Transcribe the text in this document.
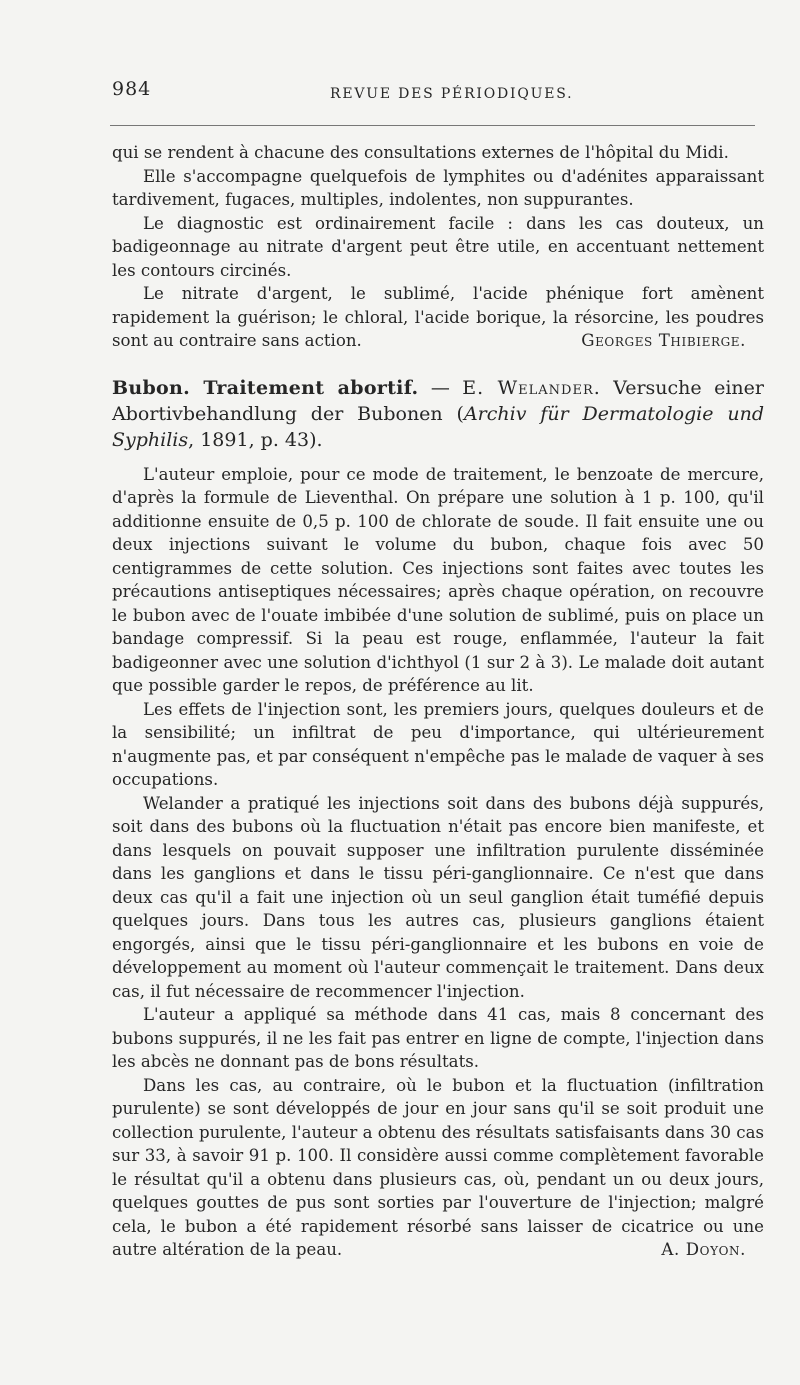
984	REVUE DES PÉRIODIQUES.

qui se rendent à chacune des consultations externes de l'hôpital du Midi.

Elle s'accompagne quelquefois de lymphites ou d'adénites apparaissant tardivement, fugaces, multiples, indolentes, non suppurantes.

Le diagnostic est ordinairement facile : dans les cas douteux, un badigeonnage au nitrate d'argent peut être utile, en accentuant nettement les contours circinés.

Le nitrate d'argent, le sublimé, l'acide phénique fort amènent rapidement la guérison; le chloral, l'acide borique, la résorcine, les poudres sont au contraire sans action.	Georges Thibierge.

Bubon. Traitement abortif. — E. Welander. Versuche einer Abortivbehandlung der Bubonen (Archiv für Dermatologie und Syphilis, 1891, p. 43).

L'auteur emploie, pour ce mode de traitement, le benzoate de mercure, d'après la formule de Lieventhal. On prépare une solution à 1 p. 100, qu'il additionne ensuite de 0,5 p. 100 de chlorate de soude. Il fait ensuite une ou deux injections suivant le volume du bubon, chaque fois avec 50 centigrammes de cette solution. Ces injections sont faites avec toutes les précautions antiseptiques nécessaires; après chaque opération, on recouvre le bubon avec de l'ouate imbibée d'une solution de sublimé, puis on place un bandage compressif. Si la peau est rouge, enflammée, l'auteur la fait badigeonner avec une solution d'ichthyol (1 sur 2 à 3). Le malade doit autant que possible garder le repos, de préférence au lit.

Les effets de l'injection sont, les premiers jours, quelques douleurs et de la sensibilité; un infiltrat de peu d'importance, qui ultérieurement n'augmente pas, et par conséquent n'empêche pas le malade de vaquer à ses occupations.

Welander a pratiqué les injections soit dans des bubons déjà suppurés, soit dans des bubons où la fluctuation n'était pas encore bien manifeste, et dans lesquels on pouvait supposer une infiltration purulente disséminée dans les ganglions et dans le tissu péri-ganglionnaire. Ce n'est que dans deux cas qu'il a fait une injection où un seul ganglion était tuméfié depuis quelques jours. Dans tous les autres cas, plusieurs ganglions étaient engorgés, ainsi que le tissu péri-ganglionnaire et les bubons en voie de développement au moment où l'auteur commençait le traitement. Dans deux cas, il fut nécessaire de recommencer l'injection.

L'auteur a appliqué sa méthode dans 41 cas, mais 8 concernant des bubons suppurés, il ne les fait pas entrer en ligne de compte, l'injection dans les abcès ne donnant pas de bons résultats.

Dans les cas, au contraire, où le bubon et la fluctuation (infiltration purulente) se sont développés de jour en jour sans qu'il se soit produit une collection purulente, l'auteur a obtenu des résultats satisfaisants dans 30 cas sur 33, à savoir 91 p. 100. Il considère aussi comme complètement favorable le résultat qu'il a obtenu dans plusieurs cas, où, pendant un ou deux jours, quelques gouttes de pus sont sorties par l'ouverture de l'injection; malgré cela, le bubon a été rapidement résorbé sans laisser de cicatrice ou une autre altération de la peau.	A. Doyon.
